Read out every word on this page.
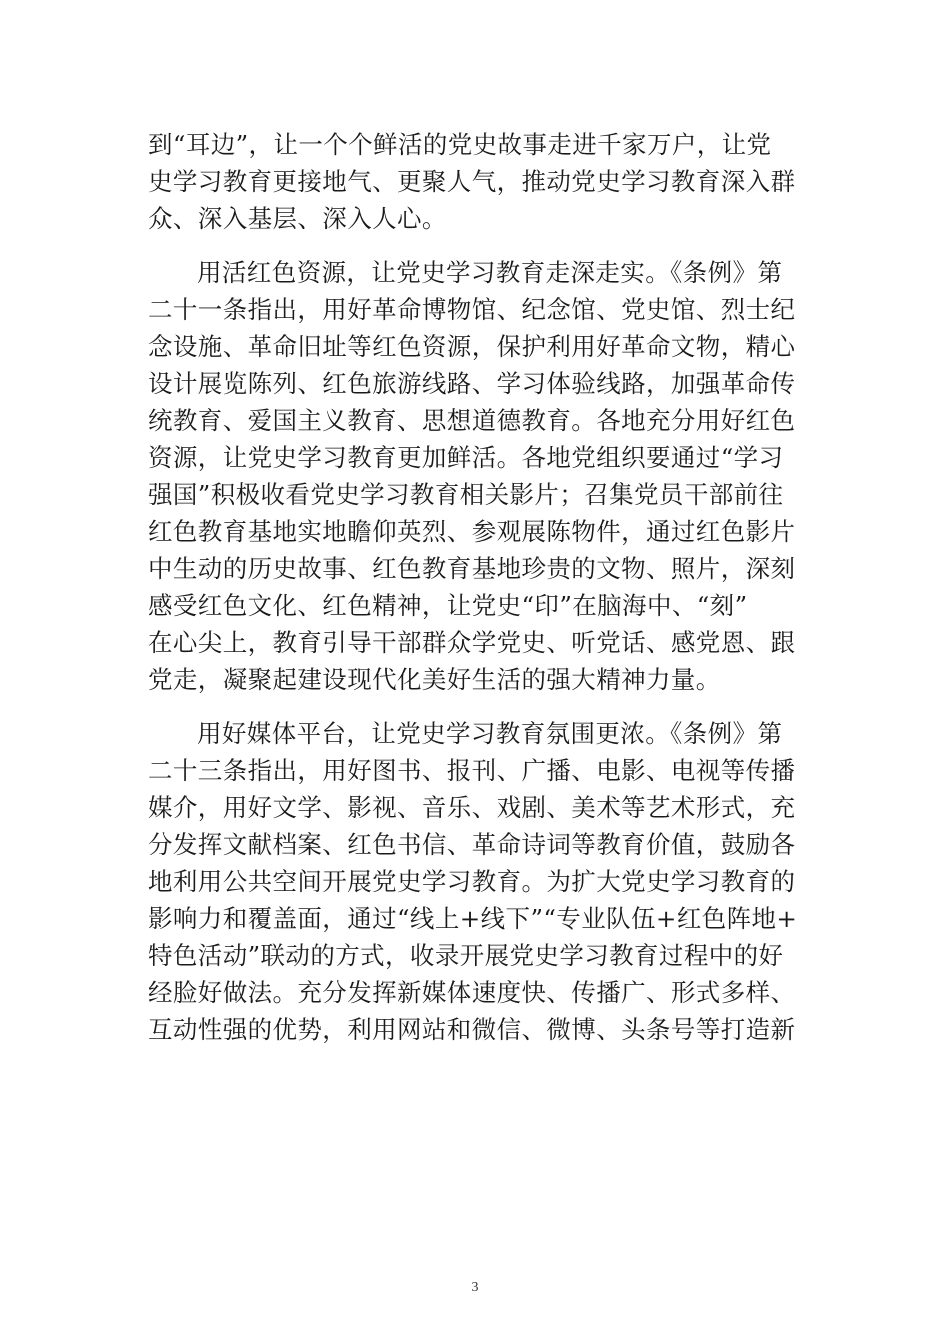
到“耳边”，让一个个鲜活的党史故事走进千家万户，让党
史学习教育更接地气、更聚人气，推动党史学习教育深入群
众、深入基层、深入人心。
用活红色资源，让党史学习教育走深走实。《条例》第
二十一条指出，用好革命博物馆、纪念馆、党史馆、烈士纪
念设施、革命旧址等红色资源，保护利用好革命文物，精心
设计展览陈列、红色旅游线路、学习体验线路，加强革命传
统教育、爱国主义教育、思想道德教育。各地充分用好红色
资源，让党史学习教育更加鲜活。各地党组织要通过“学习
强国”积极收看党史学习教育相关影片；召集党员干部前往
红色教育基地实地瞻仰英烈、参观展陈物件，通过红色影片
中生动的历史故事、红色教育基地珍贵的文物、照片，深刻
感受红色文化、红色精神，让党史“印”在脑海中、“刻”
在心尖上，教育引导干部群众学党史、听党话、感党恩、跟
党走，凝聚起建设现代化美好生活的强大精神力量。
用好媒体平台，让党史学习教育氛围更浓。《条例》第
二十三条指出，用好图书、报刊、广播、电影、电视等传播
媒介，用好文学、影视、音乐、戏剧、美术等艺术形式，充
分发挥文献档案、红色书信、革命诗词等教育价值，鼓励各
地利用公共空间开展党史学习教育。为扩大党史学习教育的
影响力和覆盖面，通过“线上+线下”“专业队伍+红色阵地+
特色活动”联动的方式，收录开展党史学习教育过程中的好
经脸好做法。充分发挥新媒体速度快、传播广、形式多样、
互动性强的优势，利用网站和微信、微博、头条号等打造新
3
